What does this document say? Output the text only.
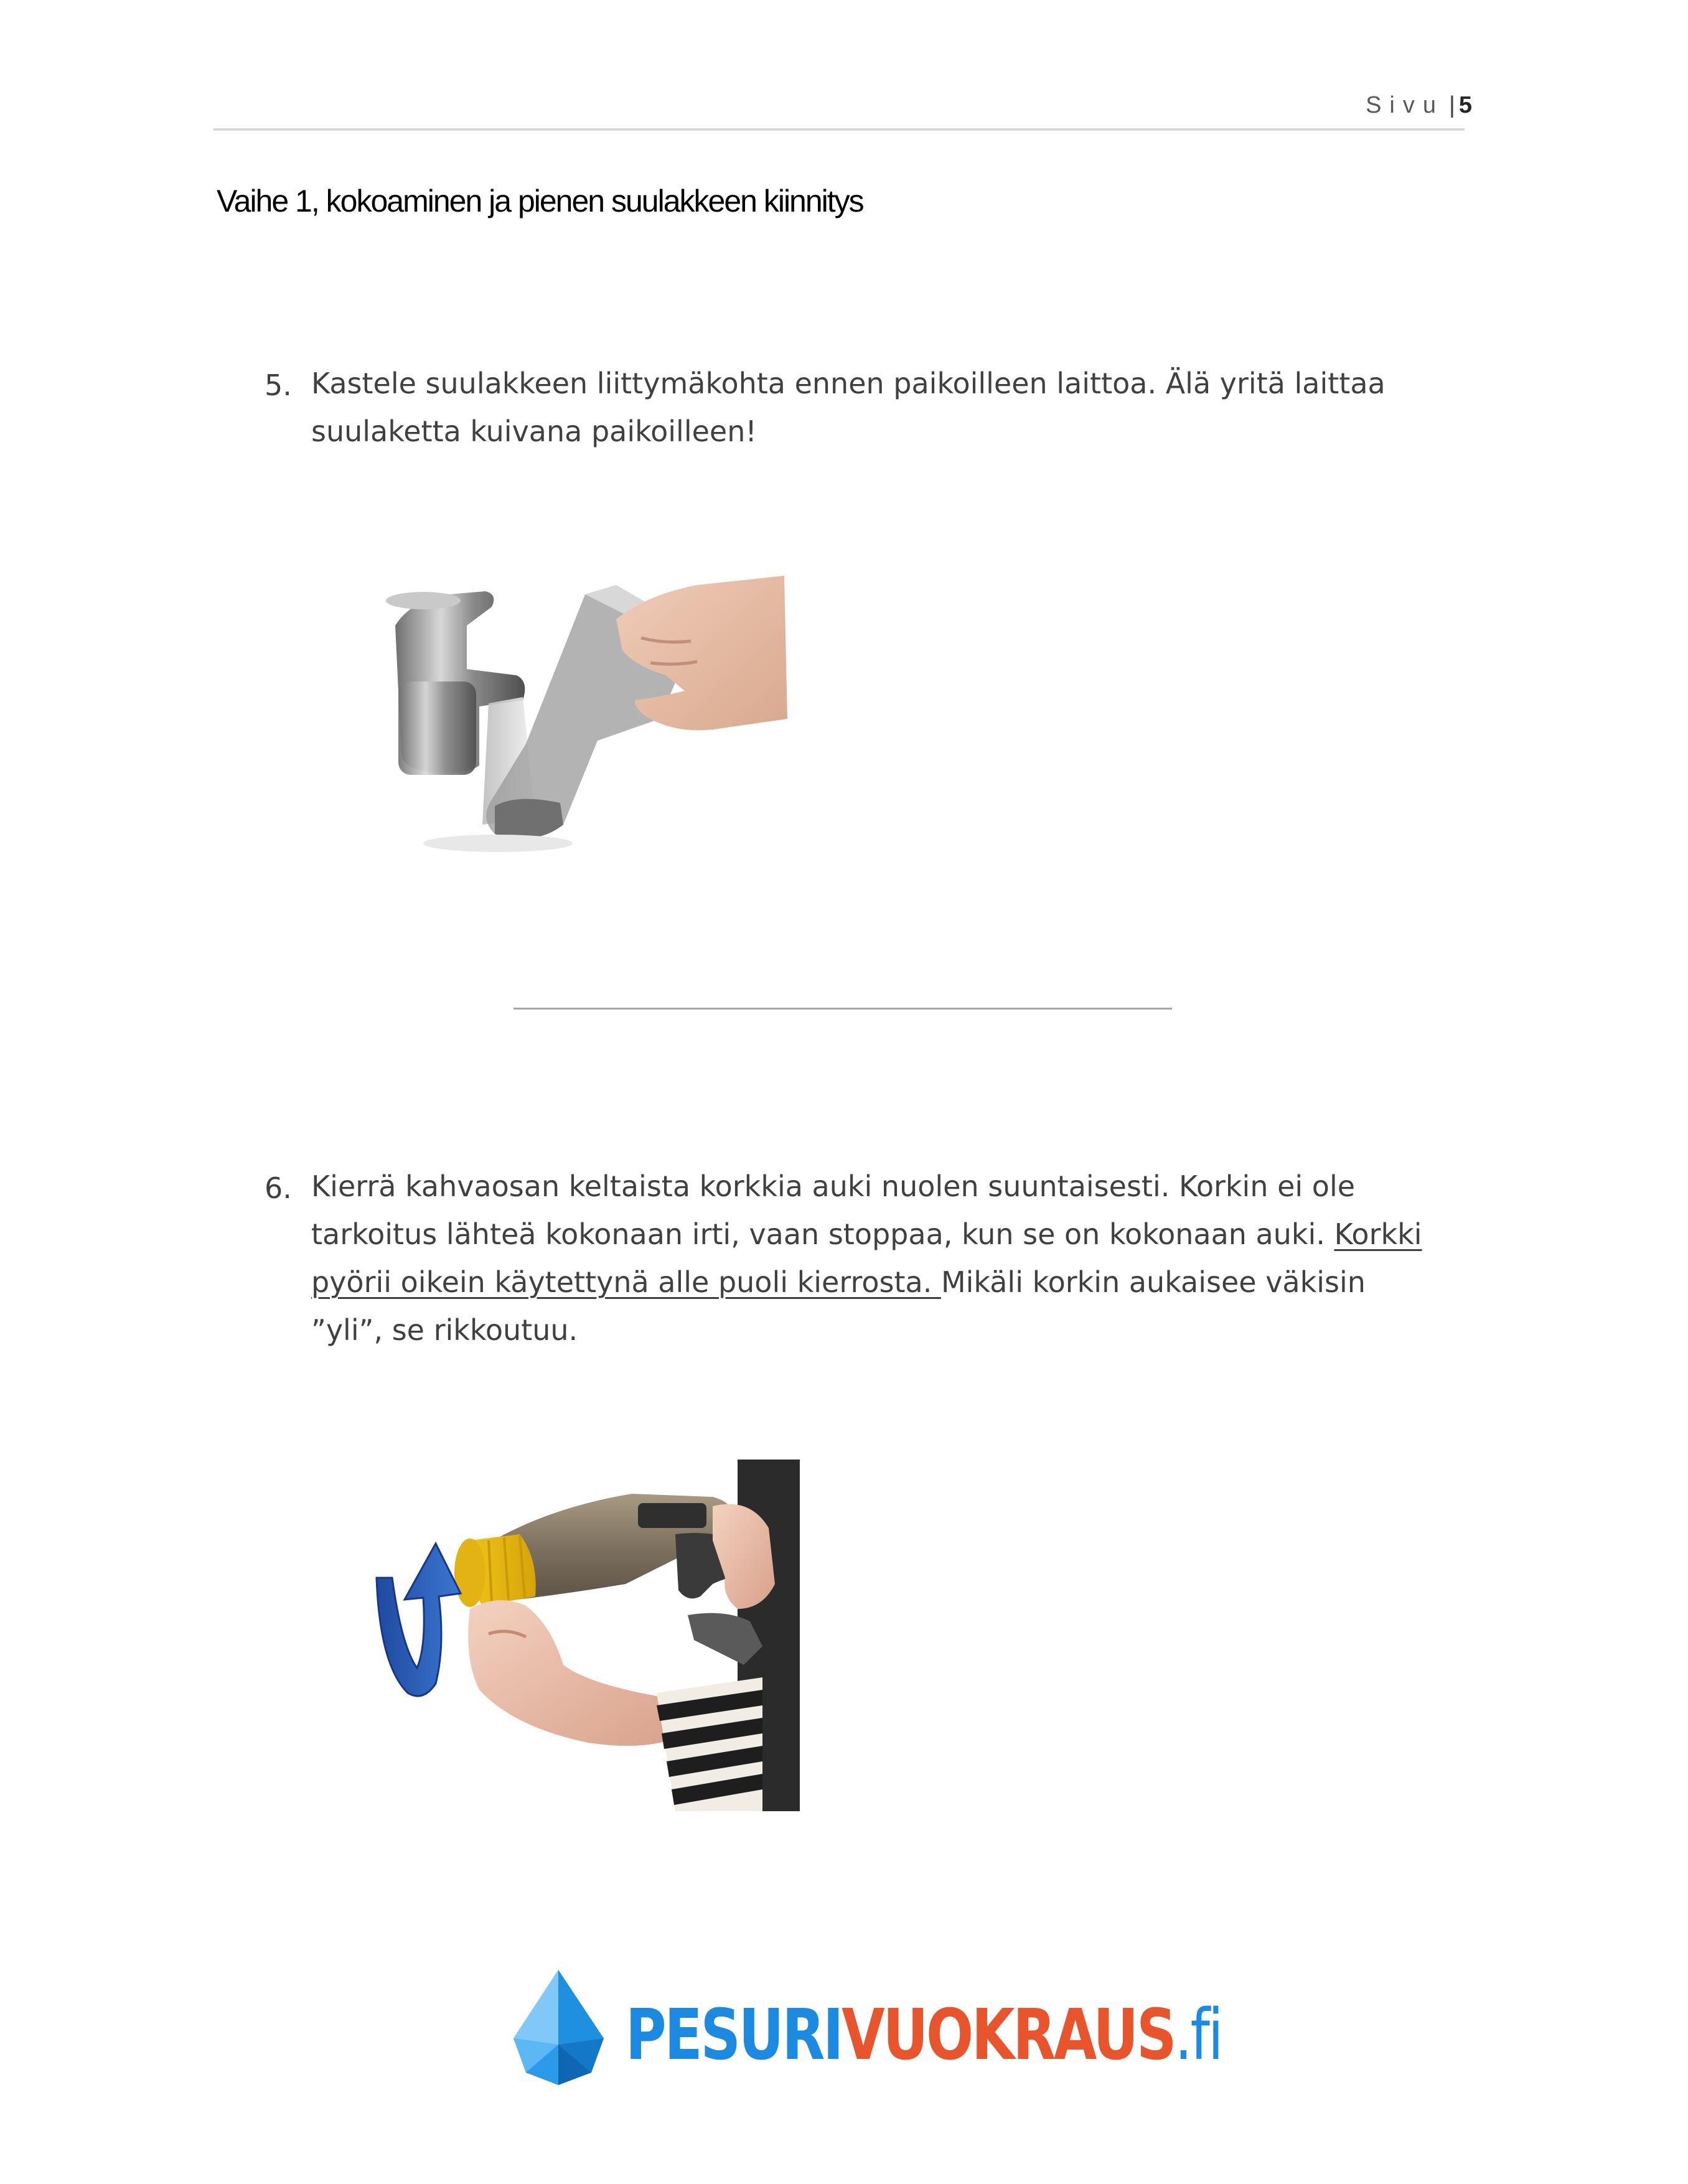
Sivu | 5
Vaihe 1, kokoaminen ja pienen suulakkeen kiinnitys
5. Kastele suulakkeen liittymäkohta ennen paikoilleen laittoa. Älä yritä laittaa
suulaketta kuivana paikoilleen!
6. Kierrä kahvaosan keltaista korkkia auki nuolen suuntaisesti. Korkin ei ole
tarkoitus lähteä kokonaan irti, vaan stoppaa, kun se on kokonaan auki. Korkki
pyörii oikein käytettynä alle puoli kierrosta. Mikäli korkin aukaisee väkisin
”yli”, se rikkoutuu.
PESURIVUOKRAUS.fi
